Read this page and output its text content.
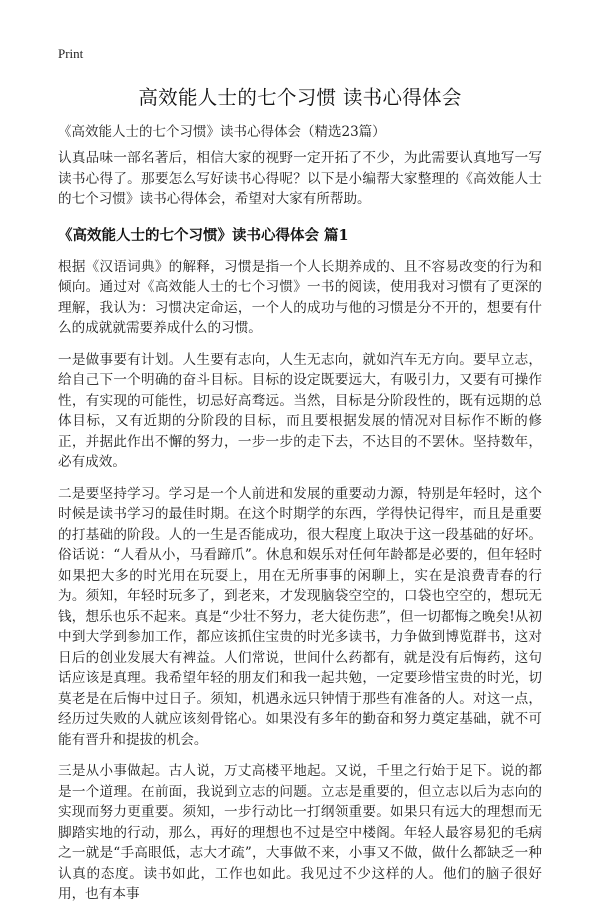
Print
高效能人士的七个习惯 读书心得体会
《高效能人士的七个习惯》读书心得体会（精选23篇）

认真品味一部名著后，相信大家的视野一定开拓了不少，为此需要认真地写一写读书心得了。那要怎么写好读书心得呢？以下是小编帮大家整理的《高效能人士的七个习惯》读书心得体会，希望对大家有所帮助。

《高效能人士的七个习惯》读书心得体会 篇1

根据《汉语词典》的解释，习惯是指一个人长期养成的、且不容易改变的行为和倾向。通过对《高效能人士的七个习惯》一书的阅读，使用我对习惯有了更深的理解，我认为：习惯决定命运，一个人的成功与他的习惯是分不开的，想要有什么的成就就需要养成什么的习惯。

一是做事要有计划。人生要有志向，人生无志向，就如汽车无方向。要早立志，给自己下一个明确的奋斗目标。目标的设定既要远大，有吸引力，又要有可操作性，有实现的可能性，切忌好高骛远。当然，目标是分阶段性的，既有远期的总体目标，又有近期的分阶段的目标，而且要根据发展的情况对目标作不断的修正，并据此作出不懈的努力，一步一步的走下去，不达目的不罢休。坚持数年，必有成效。

二是要坚持学习。学习是一个人前进和发展的重要动力源，特别是年轻时，这个时候是读书学习的最佳时期。在这个时期学的东西，学得快记得牢，而且是重要的打基础的阶段。人的一生是否能成功，很大程度上取决于这一段基础的好坏。俗话说：“人看从小，马看蹄爪”。休息和娱乐对任何年龄都是必要的，但年轻时如果把大多的时光用在玩耍上，用在无所事事的闲聊上，实在是浪费青春的行为。须知，年轻时玩多了，到老来，才发现脑袋空空的，口袋也空空的，想玩无钱，想乐也乐不起来。真是“少壮不努力，老大徒伤悲”，但一切都悔之晚矣!从初中到大学到参加工作，都应该抓住宝贵的时光多读书，力争做到博览群书，这对日后的创业发展大有裨益。人们常说，世间什么药都有，就是没有后悔药，这句话应该是真理。我希望年轻的朋友们和我一起共勉，一定要珍惜宝贵的时光，切莫老是在后悔中过日子。须知，机遇永远只钟情于那些有准备的人。对这一点，经历过失败的人就应该刻骨铭心。如果没有多年的勤奋和努力奠定基础，就不可能有晋升和提拔的机会。

三是从小事做起。古人说，万丈高楼平地起。又说，千里之行始于足下。说的都是一个道理。在前面，我说到立志的问题。立志是重要的，但立志以后为志向的实现而努力更重要。须知，一步行动比一打纲领重要。如果只有远大的理想而无脚踏实地的行动，那么，再好的理想也不过是空中楼阁。年轻人最容易犯的毛病之一就是“手高眼低，志大才疏”，大事做不来，小事又不做，做什么都缺乏一种认真的态度。读书如此，工作也如此。我见过不少这样的人。他们的脑子很好用，也有本事
